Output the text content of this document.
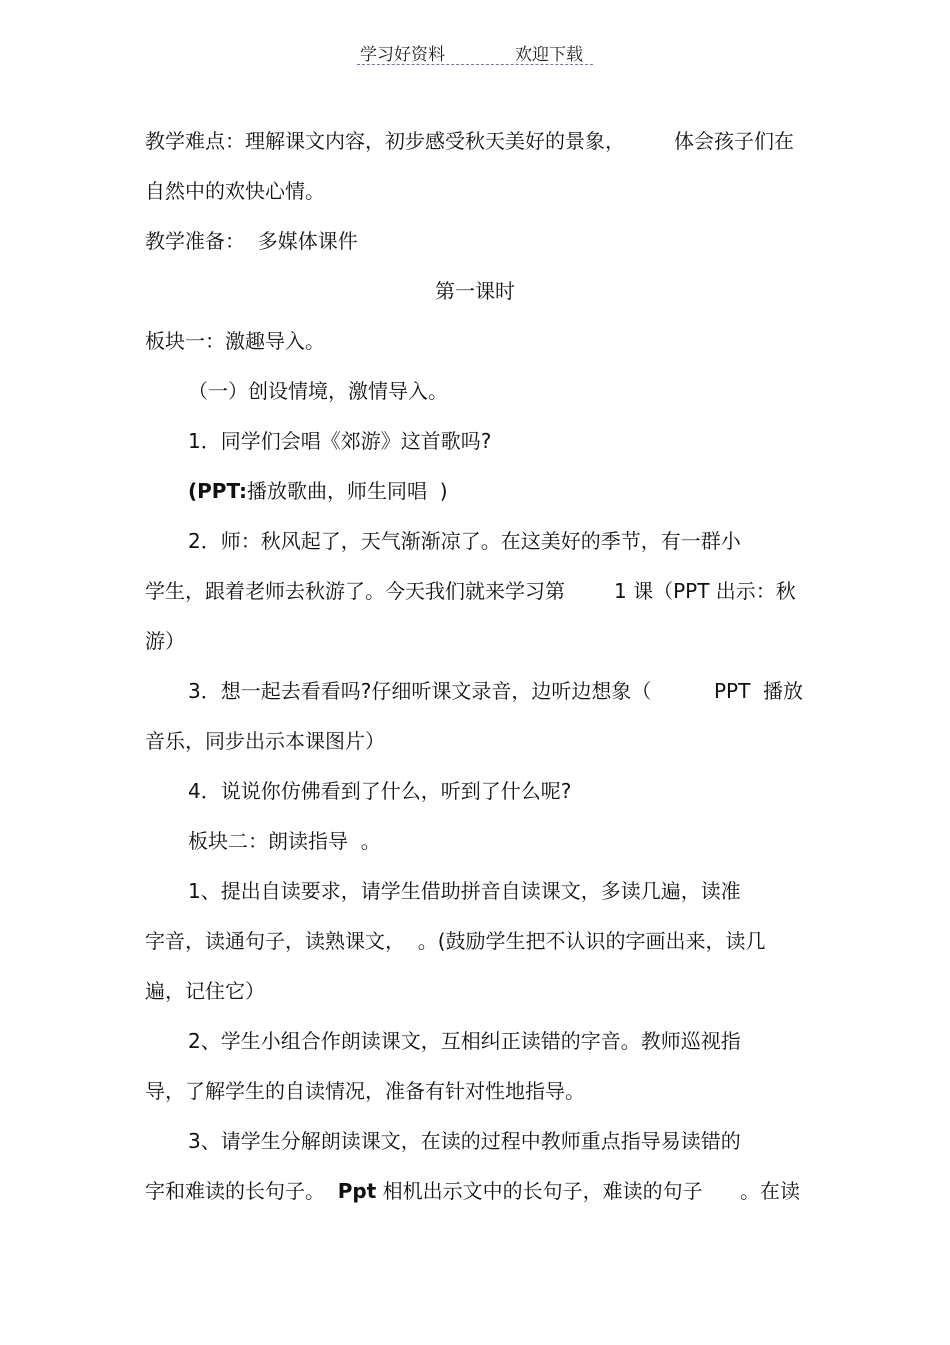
学习好资料	欢迎下载
教学难点：理解课文内容，初步感受秋天美好的景象， 体会孩子们在
自然中的欢快心情。
教学准备：  多媒体课件
第一课时
板块一：激趣导入。
（一）创设情境，激情导入。
1．同学们会唱《郊游》这首歌吗?
(PPT:播放歌曲，师生同唱  )
2．师：秋风起了，天气渐渐凉了。在这美好的季节，有一群小
学生，跟着老师去秋游了。今天我们就来学习第 1 课（PPT 出示：秋
游）
3．想一起去看看吗?仔细听课文录音，边听边想象（	PPT  播放
音乐，同步出示本课图片）
4．说说你仿佛看到了什么，听到了什么呢?
板块二：朗读指导  。
1、提出自读要求，请学生借助拼音自读课文，多读几遍，读准
字音，读通句子，读熟课文，  。(鼓励学生把不认识的字画出来，读几
遍，记住它）
2、学生小组合作朗读课文，互相纠正读错的字音。教师巡视指
导，了解学生的自读情况，准备有针对性地指导。
3、请学生分解朗读课文，在读的过程中教师重点指导易读错的
字和难读的长句子。 Ppt 相机出示文中的长句子，难读的句子 。在读
